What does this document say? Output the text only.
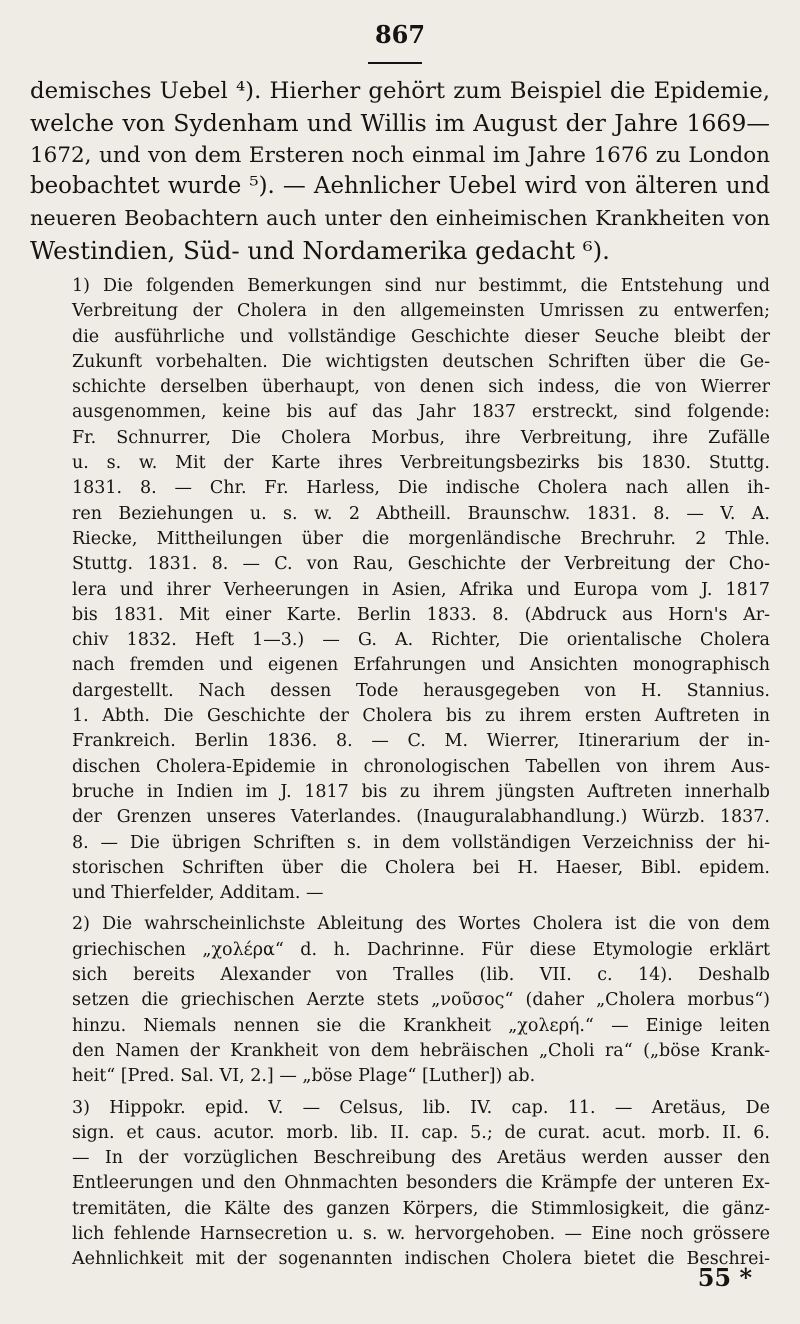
867
demisches Uebel ⁴). Hierher gehört zum Beispiel die Epidemie,
welche von Sydenham und Willis im August der Jahre 1669—
1672, und von dem Ersteren noch einmal im Jahre 1676 zu London
beobachtet wurde ⁵). — Aehnlicher Uebel wird von älteren und
neueren Beobachtern auch unter den einheimischen Krankheiten von
Westindien, Süd- und Nordamerika gedacht ⁶).
1) Die folgenden Bemerkungen sind nur bestimmt, die Entstehung und
Verbreitung der Cholera in den allgemeinsten Umrissen zu entwerfen;
die ausführliche und vollständige Geschichte dieser Seuche bleibt der
Zukunft vorbehalten. Die wichtigsten deutschen Schriften über die Ge-
schichte derselben überhaupt, von denen sich indess, die von Wierrer
ausgenommen, keine bis auf das Jahr 1837 erstreckt, sind folgende:
Fr. Schnurrer, Die Cholera Morbus, ihre Verbreitung, ihre Zufälle
u. s. w. Mit der Karte ihres Verbreitungsbezirks bis 1830. Stuttg.
1831. 8. — Chr. Fr. Harless, Die indische Cholera nach allen ih-
ren Beziehungen u. s. w. 2 Abtheill. Braunschw. 1831. 8. — V. A.
Riecke, Mittheilungen über die morgenländische Brechruhr. 2 Thle.
Stuttg. 1831. 8. — C. von Rau, Geschichte der Verbreitung der Cho-
lera und ihrer Verheerungen in Asien, Afrika und Europa vom J. 1817
bis 1831. Mit einer Karte. Berlin 1833. 8. (Abdruck aus Horn's Ar-
chiv 1832. Heft 1—3.) — G. A. Richter, Die orientalische Cholera
nach fremden und eigenen Erfahrungen und Ansichten monographisch
dargestellt. Nach dessen Tode herausgegeben von H. Stannius.
1. Abth. Die Geschichte der Cholera bis zu ihrem ersten Auftreten in
Frankreich. Berlin 1836. 8. — C. M. Wierrer, Itinerarium der in-
dischen Cholera-Epidemie in chronologischen Tabellen von ihrem Aus-
bruche in Indien im J. 1817 bis zu ihrem jüngsten Auftreten innerhalb
der Grenzen unseres Vaterlandes. (Inauguralabhandlung.) Würzb. 1837.
8. — Die übrigen Schriften s. in dem vollständigen Verzeichniss der hi-
storischen Schriften über die Cholera bei H. Haeser, Bibl. epidem.
und Thierfelder, Additam. —
2) Die wahrscheinlichste Ableitung des Wortes Cholera ist die von dem
griechischen „χολέρα“ d. h. Dachrinne. Für diese Etymologie erklärt
sich bereits Alexander von Tralles (lib. VII. c. 14). Deshalb
setzen die griechischen Aerzte stets „νοῦσος“ (daher „Cholera morbus“)
hinzu. Niemals nennen sie die Krankheit „χολερή.“ — Einige leiten
den Namen der Krankheit von dem hebräischen „Choli ra“ („böse Krank-
heit“ [Pred. Sal. VI, 2.] — „böse Plage“ [Luther]) ab.
3) Hippokr. epid. V. — Celsus, lib. IV. cap. 11. — Aretäus, De
sign. et caus. acutor. morb. lib. II. cap. 5.; de curat. acut. morb. II. 6.
— In der vorzüglichen Beschreibung des Aretäus werden ausser den
Entleerungen und den Ohnmachten besonders die Krämpfe der unteren Ex-
tremitäten, die Kälte des ganzen Körpers, die Stimmlosigkeit, die gänz-
lich fehlende Harnsecretion u. s. w. hervorgehoben. — Eine noch grössere
Aehnlichkeit mit der sogenannten indischen Cholera bietet die Beschrei-
55 *
